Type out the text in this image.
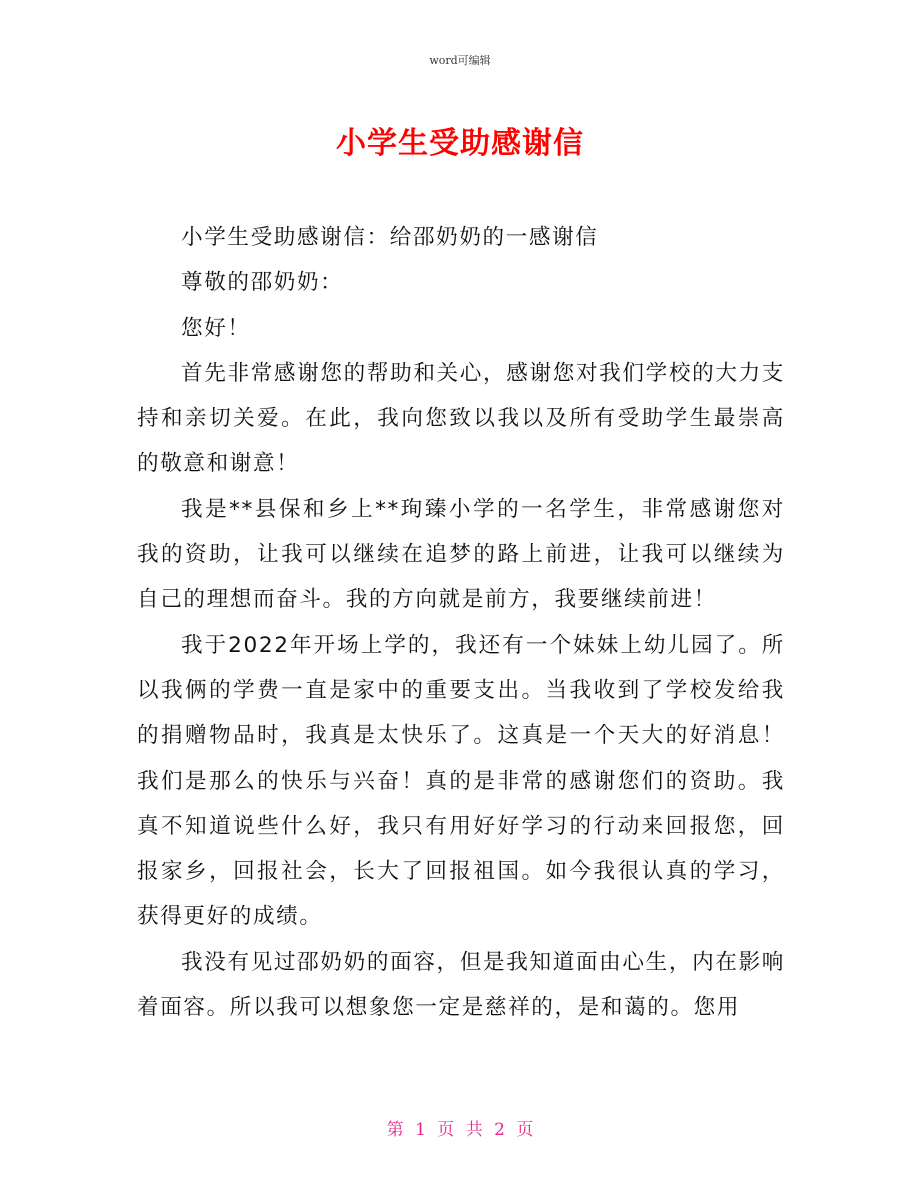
word可编辑
小学生受助感谢信

小学生受助感谢信：给邵奶奶的一感谢信

尊敬的邵奶奶：

您好！

首先非常感谢您的帮助和关心，感谢您对我们学校的大力支持和亲切关爱。在此，我向您致以我以及所有受助学生最崇高的敬意和谢意！

我是**县保和乡上**珣臻小学的一名学生，非常感谢您对我的资助，让我可以继续在追梦的路上前进，让我可以继续为自己的理想而奋斗。我的方向就是前方，我要继续前进！

我于2022年开场上学的，我还有一个妹妹上幼儿园了。所以我俩的学费一直是家中的重要支出。当我收到了学校发给我的捐赠物品时，我真是太快乐了。这真是一个天大的好消息！我们是那么的快乐与兴奋！真的是非常的感谢您们的资助。我真不知道说些什么好，我只有用好好学习的行动来回报您，回报家乡，回报社会，长大了回报祖国。如今我很认真的学习，获得更好的成绩。

我没有见过邵奶奶的面容，但是我知道面由心生，内在影响着面容。所以我可以想象您一定是慈祥的，是和蔼的。您用

第 1 页 共 2 页
